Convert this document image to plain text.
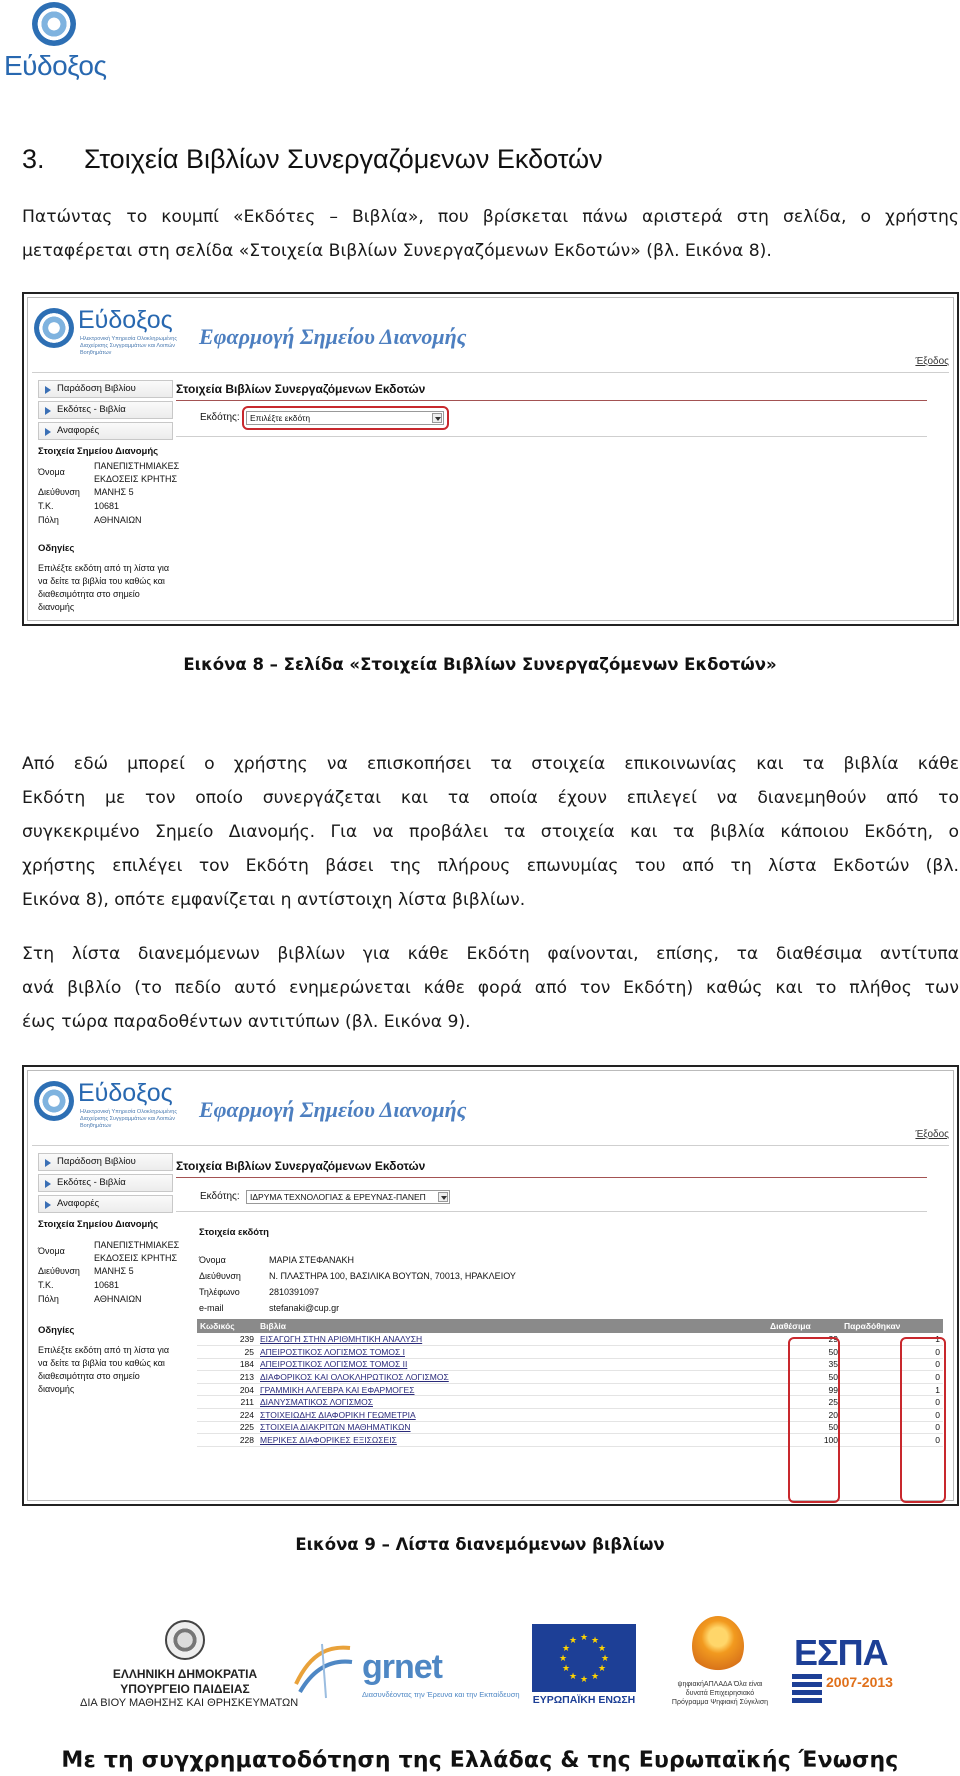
Εύδοξος
3. Στοιχεία Βιβλίων Συνεργαζόμενων Εκδοτών
Πατώντας το κουμπί «Εκδότες – Βιβλία», που βρίσκεται πάνω αριστερά στη σελίδα, ο χρήστης
μεταφέρεται στη σελίδα «Στοιχεία Βιβλίων Συνεργαζόμενων Εκδοτών» (βλ. Εικόνα 8).
Εύδοξος
Ηλεκτρονική Υπηρεσία Ολοκληρωμένης Διαχείρισης Συγγραμμάτων και Λοιπών Βοηθημάτων
Εφαρμογή Σημείου Διανομής
Έξοδος
Παράδοση Βιβλίου
Εκδότες - Βιβλία
Αναφορές
Στοιχεία Σημείου Διανομής
Όνομα
ΠΑΝΕΠΙΣΤΗΜΙΑΚΕΣ ΕΚΔΟΣΕΙΣ ΚΡΗΤΗΣ
Διεύθυνση ΜΑΝΗΣ 5
Τ.Κ.	10681
Πόλη	ΑΘΗΝΑΙΩΝ
Οδηγίες
Επιλέξτε εκδότη από τη λίστα για να δείτε τα βιβλία του καθώς και διαθεσιμότητα στο σημείο διανομής
Στοιχεία Βιβλίων Συνεργαζόμενων Εκδοτών
Εκδότης:	Επιλέξτε εκδότη
Εικόνα 8 – Σελίδα «Στοιχεία Βιβλίων Συνεργαζόμενων Εκδοτών»
Από εδώ μπορεί ο χρήστης να επισκοπήσει τα στοιχεία επικοινωνίας και τα βιβλία κάθε
Εκδότη με τον οποίο συνεργάζεται και τα οποία έχουν επιλεγεί να διανεμηθούν από το
συγκεκριμένο Σημείο Διανομής. Για να προβάλει τα στοιχεία και τα βιβλία κάποιου Εκδότη, ο
χρήστης επιλέγει τον Εκδότη βάσει της πλήρους επωνυμίας του από τη λίστα Εκδοτών (βλ.
Εικόνα 8), οπότε εμφανίζεται η αντίστοιχη λίστα βιβλίων.
Στη λίστα διανεμόμενων βιβλίων για κάθε Εκδότη φαίνονται, επίσης, τα διαθέσιμα αντίτυπα
ανά βιβλίο (το πεδίο αυτό ενημερώνεται κάθε φορά από τον Εκδότη) καθώς και το πλήθος των
έως τώρα παραδοθέντων αντιτύπων (βλ. Εικόνα 9).
Εύδοξος
Ηλεκτρονική Υπηρεσία Ολοκληρωμένης Διαχείρισης Συγγραμμάτων και Λοιπών Βοηθημάτων
Εφαρμογή Σημείου Διανομής
Έξοδος
Παράδοση Βιβλίου
Εκδότες - Βιβλία
Αναφορές
Στοιχεία Σημείου Διανομής
Όνομα
ΠΑΝΕΠΙΣΤΗΜΙΑΚΕΣ ΕΚΔΟΣΕΙΣ ΚΡΗΤΗΣ
Διεύθυνση ΜΑΝΗΣ 5
Τ.Κ.	10681
Πόλη	ΑΘΗΝΑΙΩΝ
Οδηγίες
Επιλέξτε εκδότη από τη λίστα για να δείτε τα βιβλία του καθώς και διαθεσιμότητα στο σημείο διανομής
Στοιχεία Βιβλίων Συνεργαζόμενων Εκδοτών
Εκδότης:	ΙΔΡΥΜΑ ΤΕΧΝΟΛΟΓΙΑΣ & ΕΡΕΥΝΑΣ-ΠΑΝΕΠ
Στοιχεία εκδότη
Όνομα	ΜΑΡΙΑ ΣΤΕΦΑΝΑΚΗ
Διεύθυνση	Ν. ΠΛΑΣΤΗΡΑ 100, ΒΑΣΙΛΙΚΑ ΒΟΥΤΩΝ, 70013, ΗΡΑΚΛΕΙΟΥ
Τηλέφωνο	2810391097
e-mail	stefanaki@cup.gr
Κωδικός	Βιβλία	Διαθέσιμα	Παραδόθηκαν
239	ΕΙΣΑΓΩΓΗ ΣΤΗΝ ΑΡΙΘΜΗΤΙΚΗ ΑΝΑΛΥΣΗ	29	1
25	ΑΠΕΙΡΟΣΤΙΚΟΣ ΛΟΓΙΣΜΟΣ ΤΟΜΟΣ Ι	50	0
184	ΑΠΕΙΡΟΣΤΙΚΟΣ ΛΟΓΙΣΜΟΣ ΤΟΜΟΣ ΙΙ	35	0
213	ΔΙΑΦΟΡΙΚΟΣ ΚΑΙ ΟΛΟΚΛΗΡΩΤΙΚΟΣ ΛΟΓΙΣΜΟΣ	50	0
204	ΓΡΑΜΜΙΚΗ ΑΛΓΕΒΡΑ ΚΑΙ ΕΦΑΡΜΟΓΕΣ	99	1
211	ΔΙΑΝΥΣΜΑΤΙΚΟΣ ΛΟΓΙΣΜΟΣ	25	0
224	ΣΤΟΙΧΕΙΩΔΗΣ ΔΙΑΦΟΡΙΚΗ ΓΕΩΜΕΤΡΙΑ	20	0
225	ΣΤΟΙΧΕΙΑ ΔΙΑΚΡΙΤΩΝ ΜΑΘΗΜΑΤΙΚΩΝ	50	0
228	ΜΕΡΙΚΕΣ ΔΙΑΦΟΡΙΚΕΣ ΕΞΙΣΩΣΕΙΣ	100	0
Εικόνα 9 – Λίστα διανεμόμενων βιβλίων
ΕΛΛΗΝΙΚΗ ΔΗΜΟΚΡΑΤΙΑ
ΥΠΟΥΡΓΕΙΟ ΠΑΙΔΕΙΑΣ
ΔΙΑ ΒΙΟΥ ΜΑΘΗΣΗΣ ΚΑΙ ΘΡΗΣΚΕΥΜΑΤΩΝ
grnet
Διασυνδέοντας την Έρευνα και την Εκπαίδευση
★ ★
★
★
★
★
★
★
★
★
★
★
ΕΥΡΩΠΑΪΚΗ ΕΝΩΣΗ
ψηφιακήΑΠΛΑΔΑ Όλα είναι δυνατά Επιχειρησιακό Πρόγραμμα Ψηφιακή Σύγκλιση
ΕΣΠΑ
2007-2013
Με τη συγχρηματοδότηση της Ελλάδας & της Ευρωπαϊκής Ένωσης
